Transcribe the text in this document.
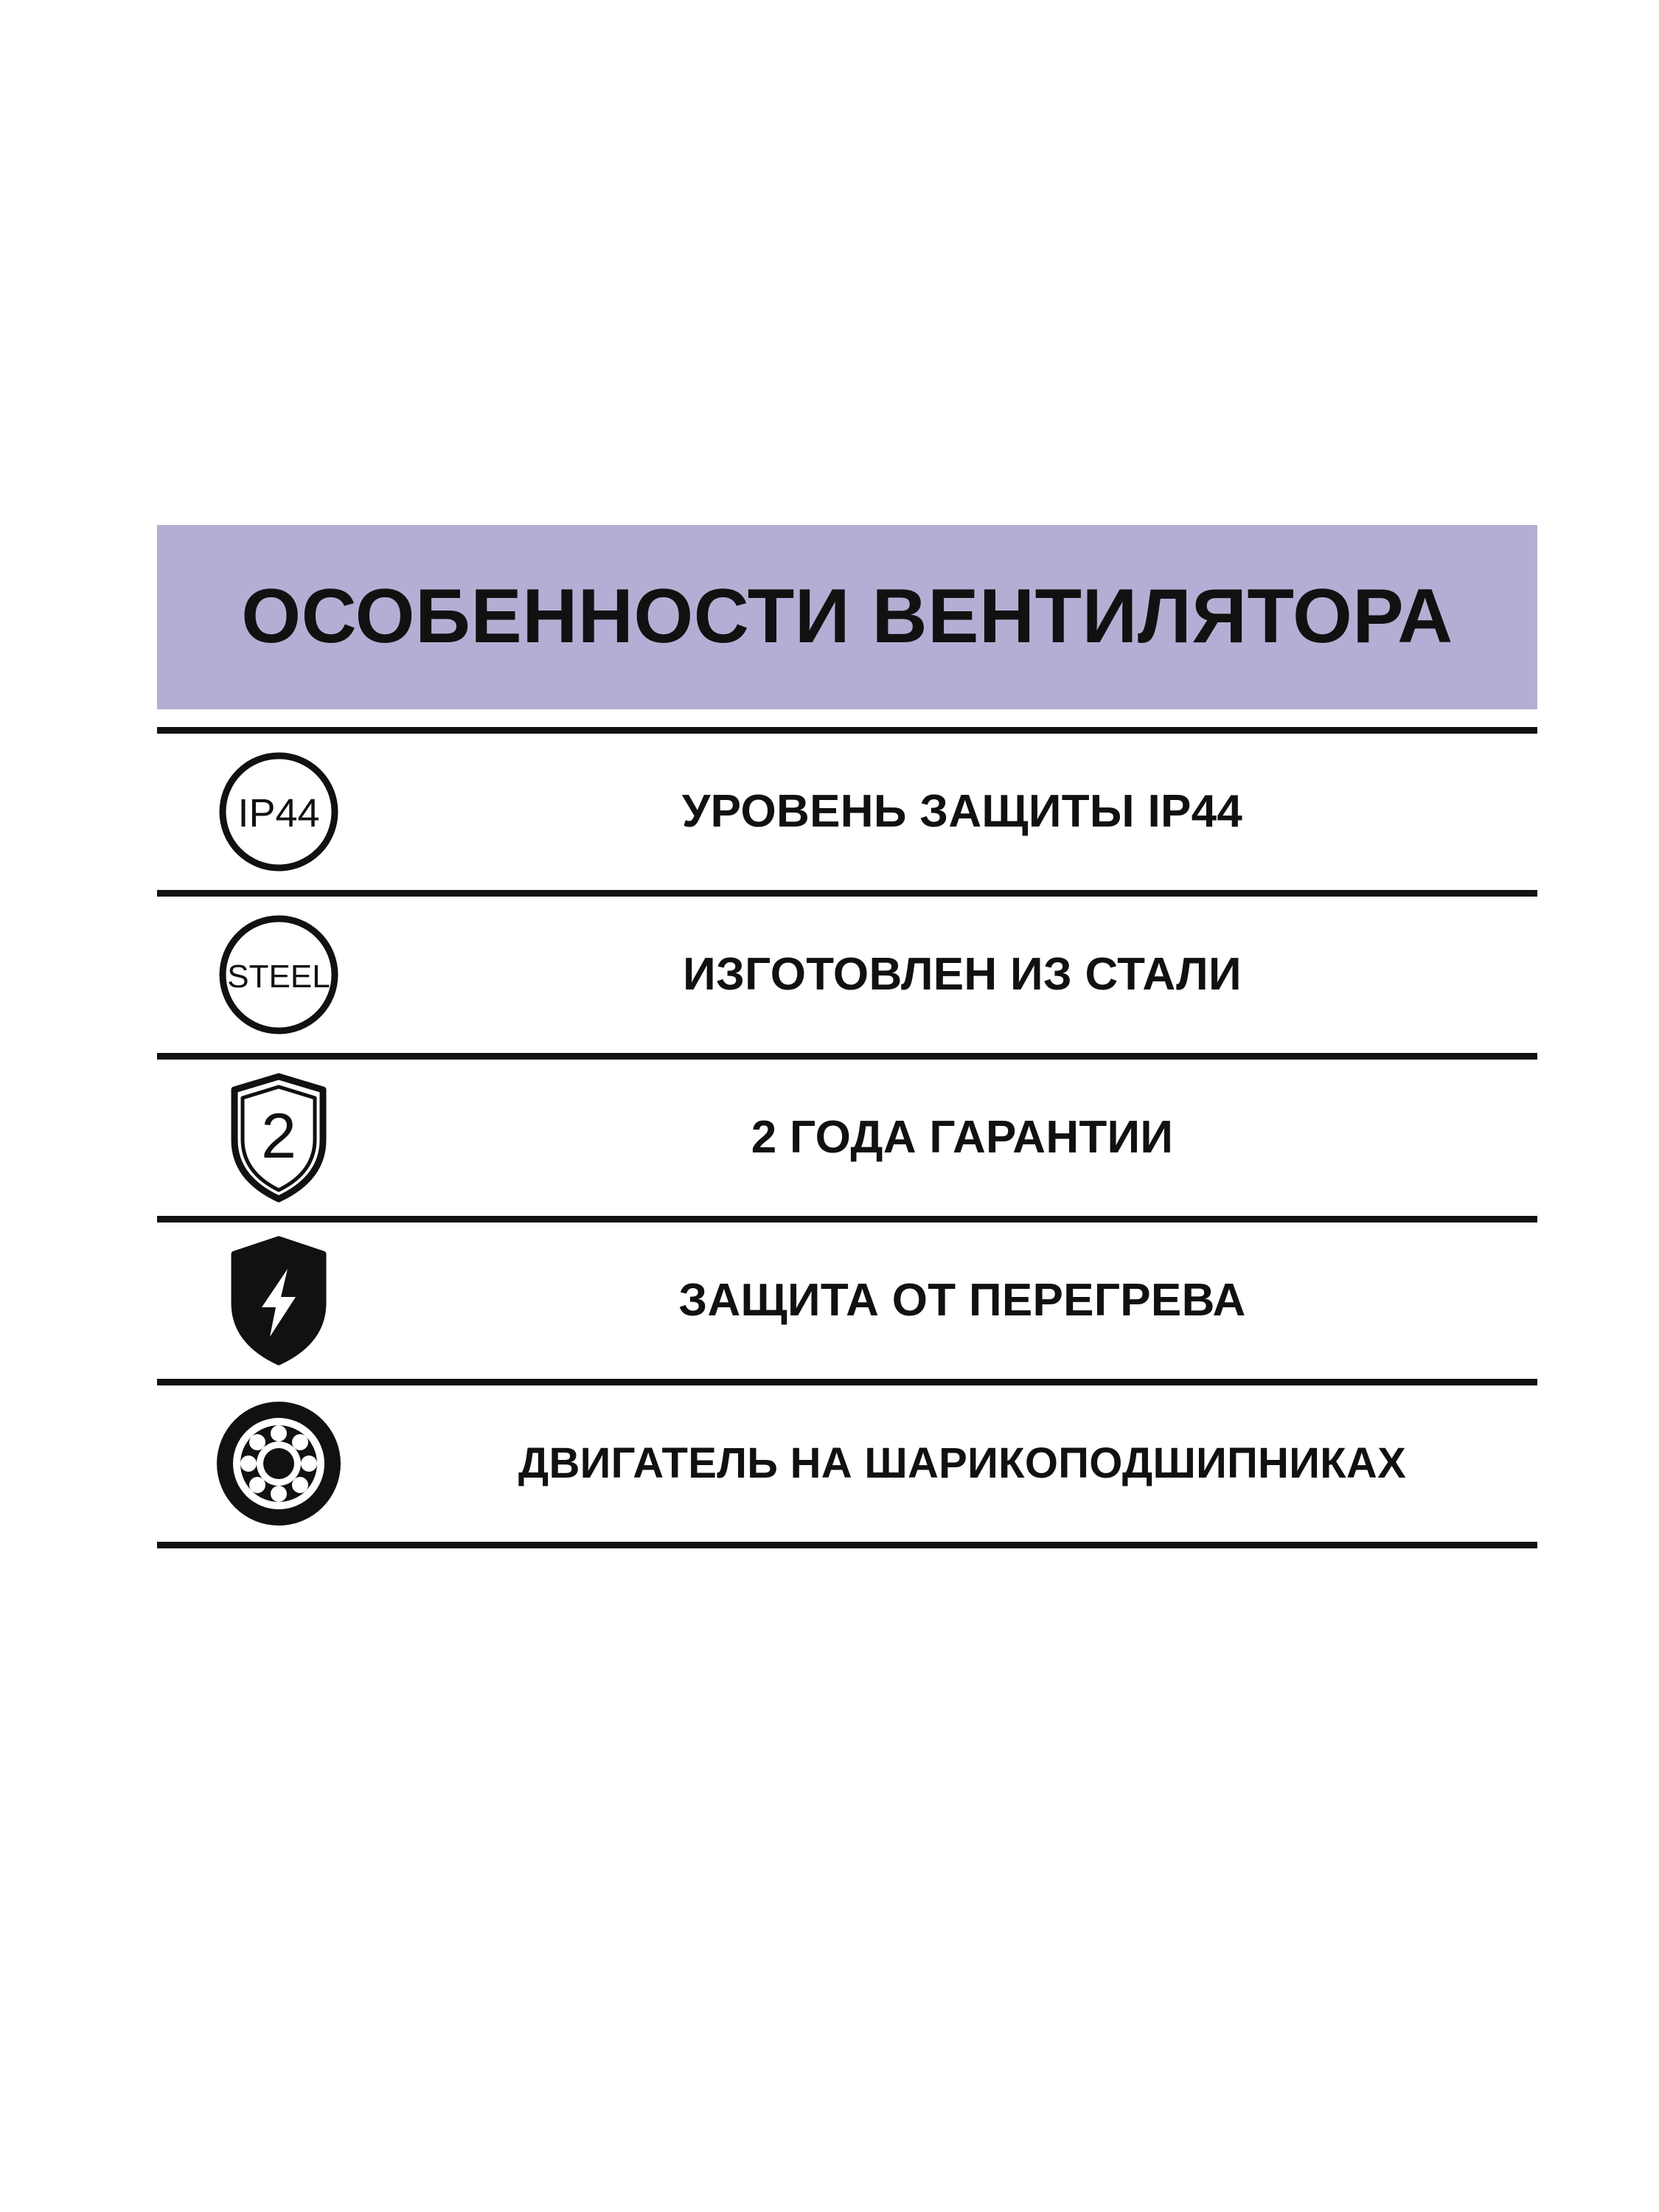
ОСОБЕННОСТИ ВЕНТИЛЯТОРА
IP44	УРОВЕНЬ ЗАЩИТЫ IP44
STEEL	ИЗГОТОВЛЕН ИЗ СТАЛИ
2	2 ГОДА ГАРАНТИИ
ЗАЩИТА ОТ ПЕРЕГРЕВА
ДВИГАТЕЛЬ НА ШАРИКОПОДШИПНИКАХ
